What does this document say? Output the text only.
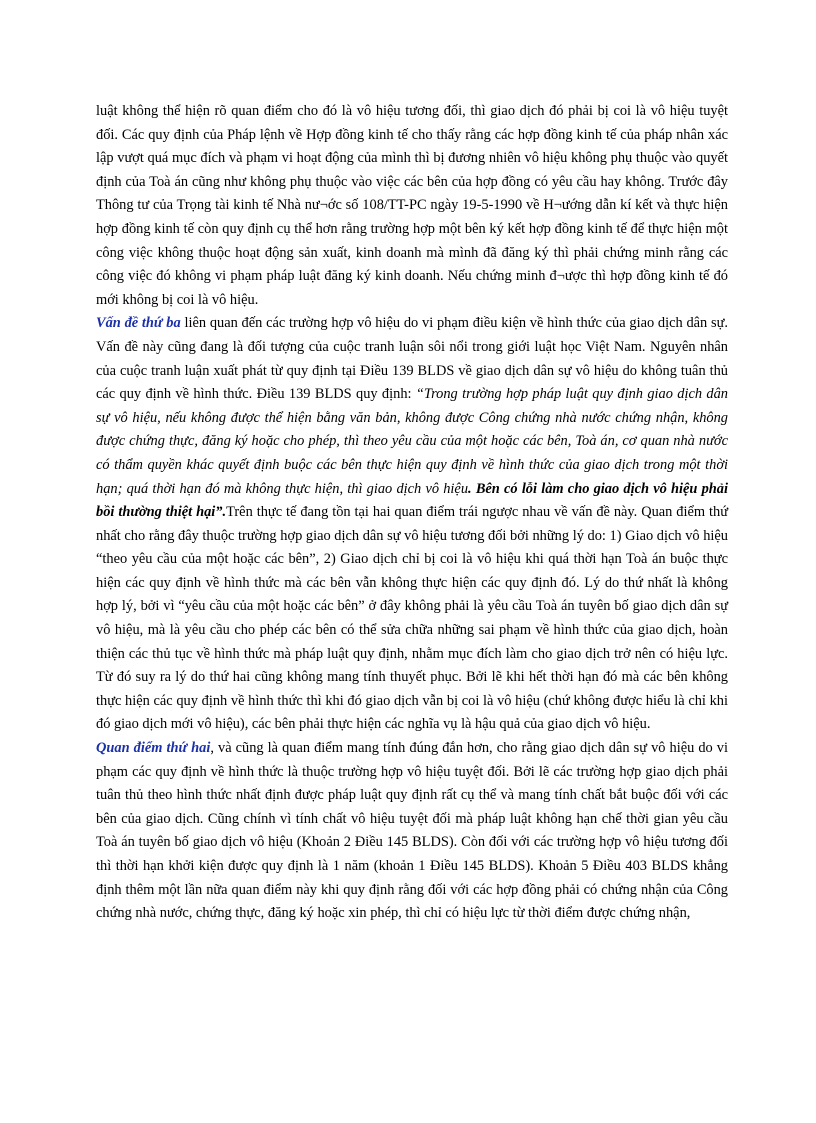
luật không thể hiện rõ quan điểm cho đó là vô hiệu tương đối, thì giao dịch đó phải bị coi là vô hiệu tuyệt đối. Các quy định của Pháp lệnh về Hợp đồng kinh tế cho thấy rằng các hợp đồng kinh tế của pháp nhân xác lập vượt quá mục đích và phạm vi hoạt động của mình thì bị đương nhiên vô hiệu không phụ thuộc vào quyết định của Toà án cũng như không phụ thuộc vào việc các bên của hợp đồng có yêu cầu hay không. Trước đây Thông tư của Trọng tài kinh tế Nhà nư¬ớc số 108/TT-PC ngày 19-5-1990 về H¬ướng dẫn kí kết và thực hiện hợp đồng kinh tế còn quy định cụ thể hơn rằng trường hợp một bên ký kết hợp đồng kinh tế để thực hiện một công việc không thuộc hoạt động sản xuất, kinh doanh mà mình đã đăng ký thì phải chứng minh rằng các công việc đó không vi phạm pháp luật đăng ký kinh doanh. Nếu chứng minh đ¬ược thì hợp đồng kinh tế đó mới không bị coi là vô hiệu.

Vấn đề thứ ba liên quan đến các trường hợp vô hiệu do vi phạm điều kiện về hình thức của giao dịch dân sự. Vấn đề này cũng đang là đối tượng của cuộc tranh luận sôi nổi trong giới luật học Việt Nam. Nguyên nhân của cuộc tranh luận xuất phát từ quy định tại Điều 139 BLDS về giao dịch dân sự vô hiệu do không tuân thủ các quy định về hình thức. Điều 139 BLDS quy định: “Trong trường hợp pháp luật quy định giao dịch dân sự vô hiệu, nếu không được thể hiện bằng văn bản, không được Công chứng nhà nước chứng nhận, không được chứng thực, đăng ký hoặc cho phép, thì theo yêu cầu của một hoặc các bên, Toà án, cơ quan nhà nước có thẩm quyền khác quyết định buộc các bên thực hiện quy định về hình thức của giao dịch trong một thời hạn; quá thời hạn đó mà không thực hiện, thì giao dịch vô hiệu. Bên có lỗi làm cho giao dịch vô hiệu phải bồi thường thiệt hại”.Trên thực tế đang tồn tại hai quan điểm trái ngược nhau về vấn đề này. Quan điểm thứ nhất cho rằng đây thuộc trường hợp giao dịch dân sự vô hiệu tương đối bởi những lý do: 1) Giao dịch vô hiệu “theo yêu cầu của một hoặc các bên”, 2) Giao dịch chỉ bị coi là vô hiệu khi quá thời hạn Toà án buộc thực hiện các quy định về hình thức mà các bên vẫn không thực hiện các quy định đó. Lý do thứ nhất là không hợp lý, bởi vì “yêu cầu của một hoặc các bên” ở đây không phải là yêu cầu Toà án tuyên bố giao dịch dân sự vô hiệu, mà là yêu cầu cho phép các bên có thể sửa chữa những sai phạm về hình thức của giao dịch, hoàn thiện các thủ tục về hình thức mà pháp luật quy định, nhằm mục đích làm cho giao dịch trở nên có hiệu lực. Từ đó suy ra lý do thứ hai cũng không mang tính thuyết phục. Bởi lẽ khi hết thời hạn đó mà các bên không thực hiện các quy định về hình thức thì khi đó giao dịch vẫn bị coi là vô hiệu (chứ không được hiểu là chỉ khi đó giao dịch mới vô hiệu), các bên phải thực hiện các nghĩa vụ là hậu quả của giao dịch vô hiệu.

Quan điểm thứ hai, và cũng là quan điểm mang tính đúng đắn hơn, cho rằng giao dịch dân sự vô hiệu do vi phạm các quy định về hình thức là thuộc trường hợp vô hiệu tuyệt đối. Bởi lẽ các trường hợp giao dịch phải tuân thủ theo hình thức nhất định được pháp luật quy định rất cụ thể và mang tính chất bắt buộc đối với các bên của giao dịch. Cũng chính vì tính chất vô hiệu tuyệt đối mà pháp luật không hạn chế thời gian yêu cầu Toà án tuyên bố giao dịch vô hiệu (Khoản 2 Điều 145 BLDS). Còn đối với các trường hợp vô hiệu tương đối thì thời hạn khởi kiện được quy định là 1 năm (khoản 1 Điều 145 BLDS). Khoản 5 Điều 403 BLDS khẳng định thêm một lần nữa quan điểm này khi quy định rằng đối với các hợp đồng phải có chứng nhận của Công chứng nhà nước, chứng thực, đăng ký hoặc xin phép, thì chỉ có hiệu lực từ thời điểm được chứng nhận,
